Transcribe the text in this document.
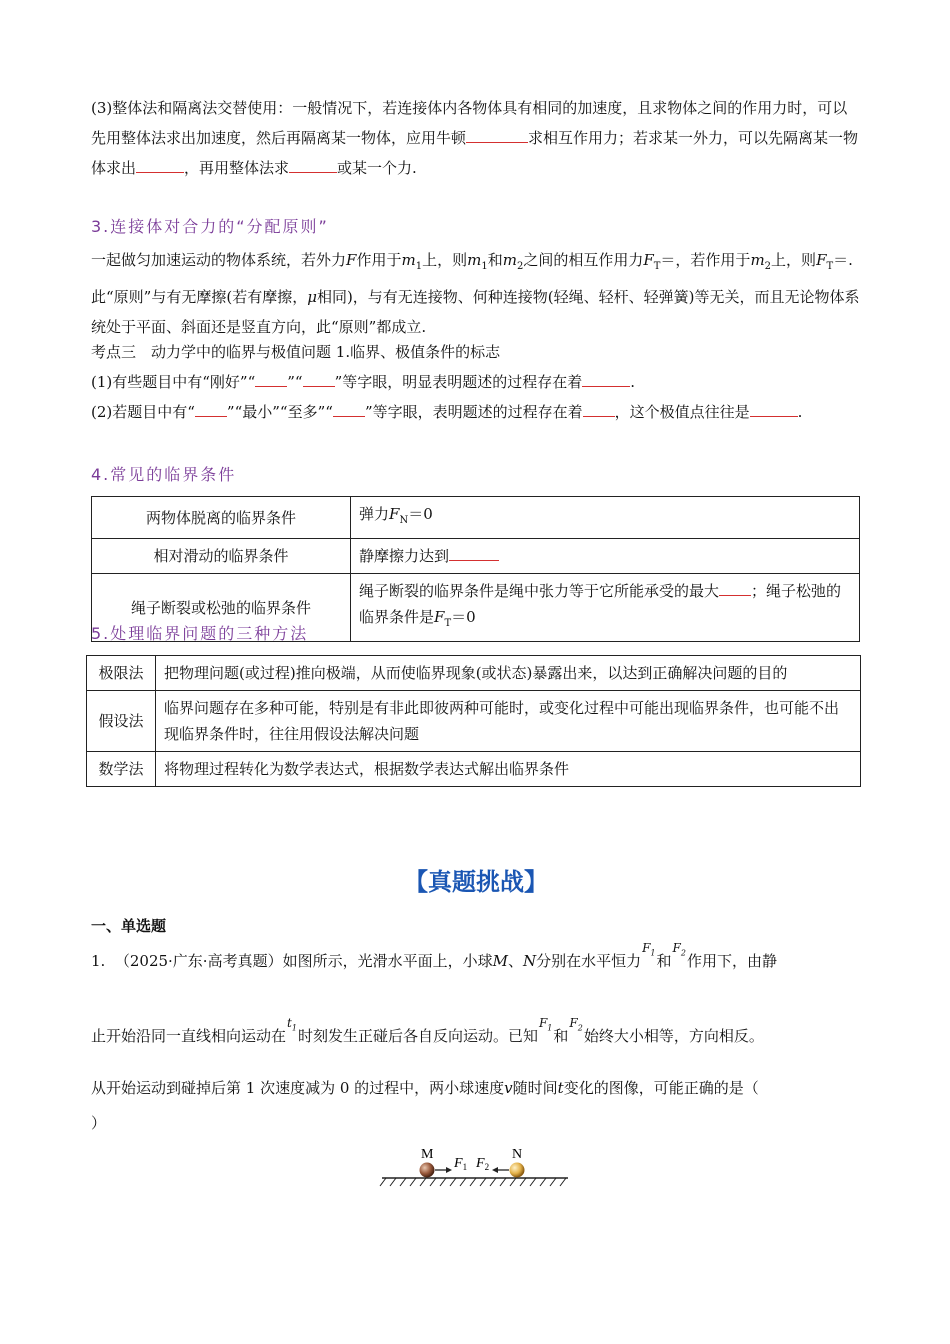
(3)整体法和隔离法交替使用：一般情况下，若连接体内各物体具有相同的加速度，且求物体之间的作用力时，可以先用整体法求出加速度，然后再隔离某一物体，应用牛顿	求相互作用力；若求某一外力，可以先隔离某一物体求出	，再用整体法求	或某一个力.
3.连接体对合力的“分配原则”
一起做匀加速运动的物体系统，若外力F作用于$m_1$上，则$m_1$和$m_2$之间的相互作用力$F_T=$，若作用于$m_2$上，则$F_T=$.此“原则”与有无摩擦(若有摩擦，μ相同)，与有无连接物、何种连接物(轻绳、轻杆、轻弹簧)等无关，而且无论物体系统处于平面、斜面还是竖直方向，此“原则”都成立.
考点三　动力学中的临界与极值问题 1.临界、极值条件的标志
(1)有些题目中有“刚好”“ ”“ ”等字眼，明显表明题述的过程存在着	.
(2)若题目中有“ ”“最小”“至多”“ ”等字眼，表明题述的过程存在着 ，这个极值点往往是	.
4.常见的临界条件
两物体脱离的临界条件	弹力$F_N=0$
相对滑动的临界条件	静摩擦力达到
绳子断裂或松弛的临界条件	绳子断裂的临界条件是绳中张力等于它所能承受的最大 ；绳子松弛的临界条件是$F_T=0$
5.处理临界问题的三种方法
极限法	把物理问题(或过程)推向极端，从而使临界现象(或状态)暴露出来，以达到正确解决问题的目的
假设法	临界问题存在多种可能，特别是有非此即彼两种可能时，或变化过程中可能出现临界条件，也可能不出现临界条件时，往往用假设法解决问题
数学法	将物理过程转化为数学表达式，根据数学表达式解出临界条件
【真题挑战】
一、单选题
1. （2025·广东·高考真题）如图所示，光滑水平面上，小球M、N分别在水平恒力$F_1$和$F_2$作用下，由静
止开始沿同一直线相向运动在$t_1$时刻发生正碰后各自反向运动。已知$F_1$和$F_2$始终大小相等，方向相反。
从开始运动到碰掉后第 1 次速度减为 0 的过程中，两小球速度v随时间t变化的图像，可能正确的是（
）
M	N
$F_1$ $F_2$
